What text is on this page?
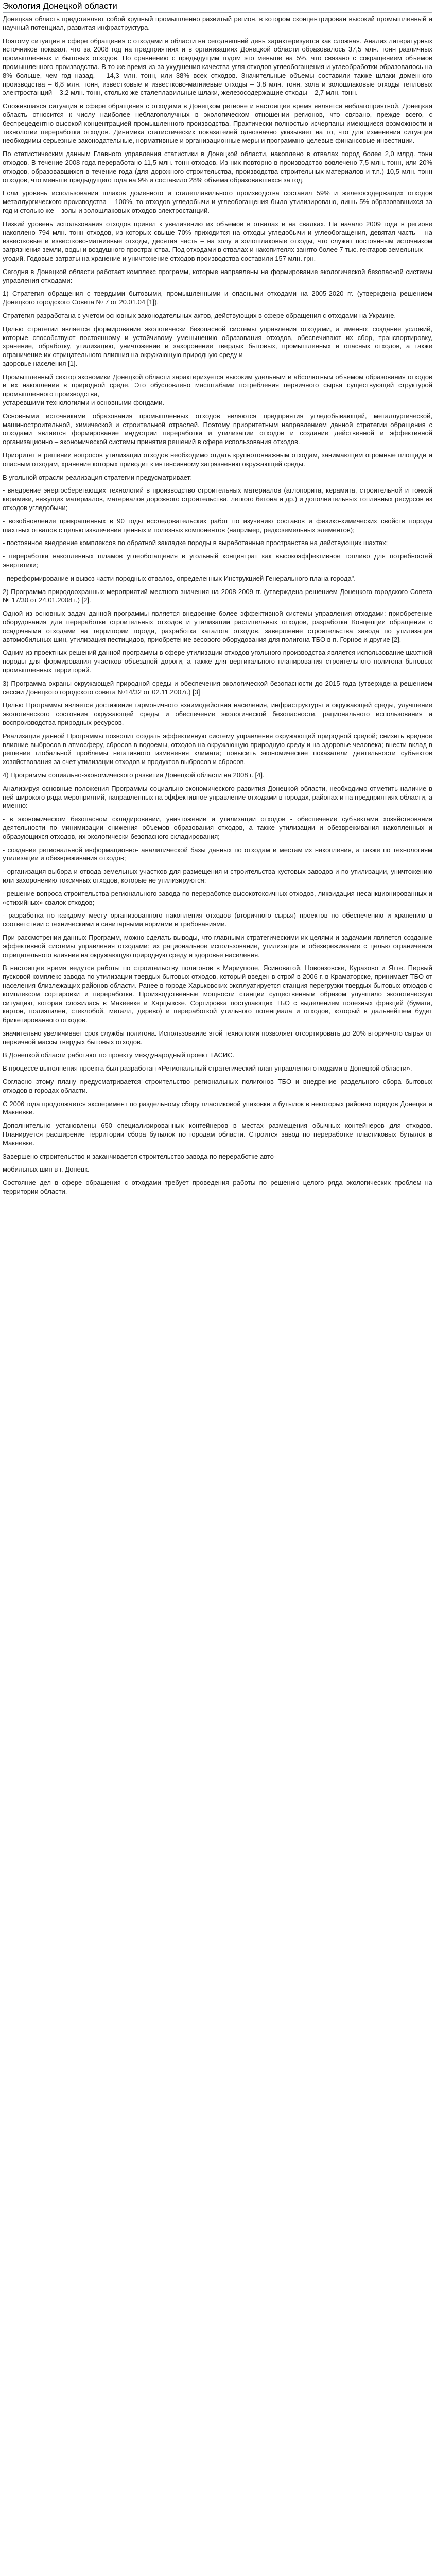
Экология Донецкой области

Донецкая область представляет собой крупный промышленно развитый регион, в котором сконцентрирован высокий промышленный и научный потенциал, развитая инфраструктура.

Поэтому ситуация в сфере обращения с отходами в области на сегодняшний день характеризуется как сложная. Анализ литературных источников показал, что за 2008 год на предприятиях и в организациях Донецкой области образовалось 37,5 млн. тонн различных промышленных и бытовых отходов. По сравнению с предыдущим годом это меньше на 5%, что связано с сокращением объемов промышленного производства. В то же время из-за ухудшения качества угля отходов углеобогащения и углеобработки образовалось на 8% больше, чем год назад, – 14,3 млн. тонн, или 38% всех отходов. Значительные объемы составили также шлаки доменного производства – 6,8 млн. тонн, известковые и известково-магниевые отходы – 3,8 млн. тонн, зола и золошлаковые отходы тепловых электростанций – 3,2 млн. тонн, столько же сталеплавильные шлаки, железосодержащие отходы – 2,7 млн. тонн.

Сложившаяся ситуация в сфере обращения с отходами в Донецком регионе и настоящее время является неблагоприятной. Донецкая область относится к числу наиболее неблагополучных в экологическом отношении регионов, что связано, прежде всего, с беспрецедентно высокой концентрацией промышленного производства. Практически полностью исчерпаны имеющиеся возможности и технологии переработки отходов. Динамика статистических показателей однозначно указывает на то, что для изменения ситуации необходимы серьезные законодательные, нормативные и организационные меры и программно-целевые финансовые инвестиции.

По статистическим данным Главного управления статистики в Донецкой области, накоплено в отвалах пород более 2,0 млрд. тонн отходов. В течение 2008 года переработано 11,5 млн. тонн отходов. Из них повторно в производство вовлечено 7,5 млн. тонн, или 20% отходов, образовавшихся в течение года (для дорожного строительства, производства строительных материалов и т.п.) 10,5 млн. тонн отходов, что меньше предыдущего года на 9% и составило 28% объема образовавшихся за год.

Если уровень использования шлаков доменного и сталеплавильного производства составил 59% и железосодержащих отходов металлургического производства – 100%, то отходов угледобычи и углеобогащения было утилизировано, лишь 5% образовавшихся за год и столько же – золы и золошлаковых отходов электростанций.

Низкий уровень использования отходов привел к увеличению их объемов в отвалах и на свалках. На начало 2009 года в регионе накоплено 794 млн. тонн отходов, из которых свыше 70% приходится на отходы угледобычи и углеобогащения, девятая часть – на известковые и известково-магниевые отходы, десятая часть – на золу и золошлаковые отходы, что служит постоянным источником загрязнения земли, воды и воздушного пространства. Под отходами в отвалах и накопителях занято более 7 тыс. гектаров земельных

угодий. Годовые затраты на хранение и уничтожение отходов производства составили 157 млн. грн.

Сегодня в Донецкой области работает комплекс программ, которые направлены на формирование экологической безопасной системы управления отходами:

1) Стратегия обращения с твердыми бытовыми, промышленными и опасными отходами на 2005-2020 гг. (утверждена решением Донецкого городского Совета № 7 от 20.01.04 [1]).

Стратегия разработана с учетом основных законодательных актов, действующих в сфере обращения с отходами на Украине.

Целью стратегии является формирование экологически безопасной системы управления отходами, а именно: создание условий, которые способствуют постоянному и устойчивому уменьшению образования отходов, обеспечивают их сбор, транспортировку, хранение, обработку, утилизацию, уничтожение и захоронение твердых бытовых, промышленных и опасных отходов, а также ограничение их отрицательного влияния на окружающую природную среду и

здоровье населения [1].

Промышленный сектор экономики Донецкой области характеризуется высоким удельным и абсолютным объемом образования отходов и их накопления в природной среде. Это обусловлено масштабами потребления первичного сырья существующей структурой промышленного производства,

устаревшими технологиями и основными фондами.

Основными источниками образования промышленных отходов являются предприятия угледобывающей, металлургической, машиностроительной, химической и строительной отраслей. Поэтому приоритетным направлением данной стратегии обращения с отходами является формирование индустрии переработки и утилизации отходов и создание действенной и эффективной организационно – экономической системы принятия решений в сфере использования отходов.

Приоритет в решении вопросов утилизации отходов необходимо отдать крупнотоннажным отходам, занимающим огромные площади и опасным отходам, хранение которых приводит к интенсивному загрязнению окружающей среды.

В угольной отрасли реализация стратегии предусматривает:

- внедрение энергосберегающих технологий в производство строительных материалов (аглопорита, керамита, строительной и тонкой керамики, вяжущих материалов, материалов дорожного строительства, легкого бетона и др.) и дополнительных топливных ресурсов из отходов угледобычи;

- возобновление прекращенных в 90 годы исследовательских работ по изучению составов и физико-химических свойств породы шахтных отвалов с целью извлечения ценных и полезных компонентов (например, редкоземельных элементов);

- постоянное внедрение комплексов по обратной закладке породы в выработанные пространства на действующих шахтах;

- переработка накопленных шламов углеобогащения в угольный концентрат как высокоэффективное топливо для потребностей энергетики;

- переформирование и вывоз части породных отвалов, определенных Инструкцией Генерального плана города".

2) Программа природоохранных мероприятий местного значения на 2008-2009 гг. (утверждена решением Донецкого городского Совета № 17/30 от 24.01.2008 г.) [2].

Одной из основных задач данной программы является внедрение более эффективной системы управления отходами: приобретение оборудования для переработки строительных отходов и утилизации растительных отходов, разработка Концепции обращения с осадочными отходами на территории города, разработка каталога отходов, завершение строительства завода по утилизации автомобильных шин, утилизация пестицидов, приобретение весового оборудования для полигона ТБО в п. Горное и другие [2].

Одним из проектных решений данной программы в сфере утилизации отходов угольного производства является использование шахтной породы для формирования участков объездной дороги, а также для вертикального планирования строительного полигона бытовых промышленных территорий.

3) Программа охраны окружающей природной среды и обеспечения экологической безопасности до 2015 года (утверждена решением сессии Донецкого городского совета №14/32 от 02.11.2007г.) [3]

Целью Программы является достижение гармоничного взаимодействия населения, инфраструктуры и окружающей среды, улучшение экологического состояния окружающей среды и обеспечение экологической безопасности, рационального использования и воспроизводства природных ресурсов.

Реализация данной Программы позволит создать эффективную систему управления окружающей природной средой; снизить вредное влияние выбросов в атмосферу, сбросов в водоемы, отходов на окружающую природную среду и на здоровье человека; внести вклад в решение глобальной проблемы негативного изменения климата; повысить экономические показатели деятельности субъектов хозяйствования за счет утилизации отходов и продуктов выбросов и сбросов.

4) Программы социально-экономического развития Донецкой области на 2008 г. [4].

Анализируя основные положения Программы социально-экономического развития Донецкой области, необходимо отметить наличие в ней широкого ряда мероприятий, направленных на эффективное управление отходами в городах, районах и на предприятиях области, а именно:

- в экономическом безопасном складировании, уничтожении и утилизации отходов - обеспечение субъектами хозяйствования деятельности по минимизации снижения объемов образования отходов, а также утилизации и обезвреживания накопленных и образующихся отходов, их экологически безопасного складирования;

- создание региональной информационно- аналитической базы данных по отходам и местам их накопления, а также по технологиям утилизации и обезвреживания отходов;

- организация выбора и отвода земельных участков для размещения и строительства кустовых заводов и по утилизации, уничтожению или захоронению токсичных отходов, которые не утилизируются;

- решение вопроса строительства регионального завода по переработке высокотоксичных отходов, ликвидация несанкционированных и «стихийных» свалок отходов;

- разработка по каждому месту организованного накопления отходов (вторичного сырья) проектов по обеспечению и хранению в соответствии с техническими и санитарными нормами и требованиями.

При рассмотрении данных Программ, можно сделать выводы, что главными стратегическими их целями и задачами является создание эффективной системы управления отходами: их рациональное использование, утилизация и обезвреживание с целью ограничения отрицательного влияния на окружающую природную среду и здоровье населения.

В настоящее время ведутся работы по строительству полигонов в Мариуполе, Ясиноватой, Новоазовске, Курахово и Ятте. Первый пусковой комплекс завода по утилизации твердых бытовых отходов, который введен в строй в 2006 г. в Краматорске, принимает ТБО от населения близлежащих районов области. Ранее в городе Харьковских эксплуатируется станция перегрузки твердых бытовых отходов с комплексом сортировки и переработки. Производственные мощности станции существенным образом улучшило экологическую ситуацию, которая сложилась в Макеевке и Харцызске. Сортировка поступающих ТБО с выделением полезных фракций (бумага, картон, полиэтилен, стеклобой, металл, дерево) и переработкой утильного потенциала и отходов, который в дальнейшем будет брикетированного отходов.

значительно увеличивает срок службы полигона. Использование этой технологии позволяет отсортировать до 20% вторичного сырья от первичной массы твердых бытовых отходов.

В Донецкой области работают по проекту международный проект ТАСИС.

В процессе выполнения проекта был разработан «Региональный стратегический план управления отходами в Донецкой области».

Согласно этому плану предусматривается строительство региональных полигонов ТБО и внедрение раздельного сбора бытовых отходов в городах области.

С 2006 года продолжается эксперимент по раздельному сбору пластиковой упаковки и бутылок в некоторых районах городов Донецка и Макеевки.

Дополнительно установлены 650 специализированных контейнеров в местах размещения обычных контейнеров для отходов. Планируется расширение территории сбора бутылок по городам области. Строится завод по переработке пластиковых бутылок в Макеевке.

Завершено строительство и заканчивается строительство завода по переработке авто-

мобильных шин в г. Донецк.

Состояние дел в сфере обращения с отходами требует проведения работы по решению целого ряда экологических проблем на территории области.
